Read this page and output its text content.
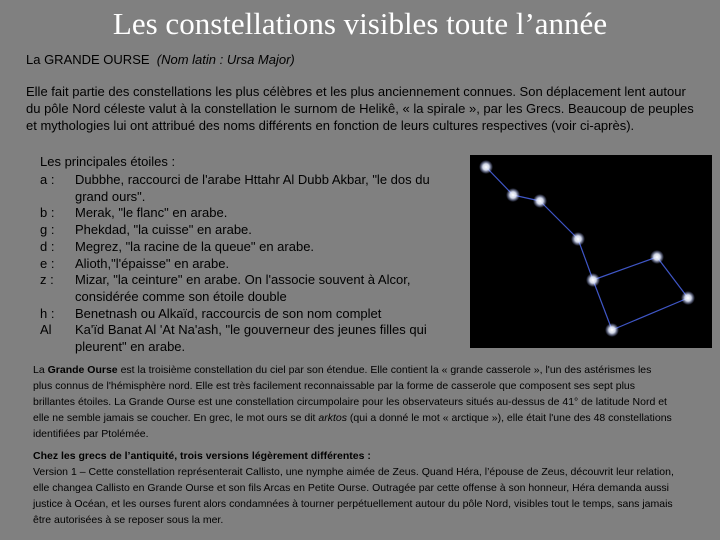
Les constellations visibles toute l’année
La GRANDE OURSE (Nom latin : Ursa Major)
Elle fait partie des constellations les plus célèbres et les plus anciennement connues. Son déplacement lent autour du pôle Nord céleste valut à la constellation le surnom de Helikê, « la spirale », par les Grecs. Beaucoup de peuples et mythologies lui ont attribué des noms différents en fonction de leurs cultures respectives (voir ci-après).
Les principales étoiles :
a :	Dubbhe, raccourci de l'arabe Httahr Al Dubb Akbar, "le dos du grand ours".
b :	Merak, "le flanc" en arabe.
g :	Phekdad, "la cuisse" en arabe.
d :	Megrez, "la racine de la queue" en arabe.
e :	Alioth,"l'épaisse" en arabe.
z :	Mizar, "la ceinture" en arabe. On l'associe souvent à Alcor, considérée comme son étoile double
h :	Benetnash ou Alkaïd, raccourcis de son nom complet
Al	Ka'ïd Banat Al 'At Na'ash, "le gouverneur des jeunes filles qui pleurent" en arabe.
La Grande Ourse est la troisième constellation du ciel par son étendue. Elle contient la « grande casserole », l'un des astérismes les plus connus de l'hémisphère nord. Elle est très facilement reconnaissable par la forme de casserole que composent ses sept plus brillantes étoiles. La Grande Ourse est une constellation circumpolaire pour les observateurs situés au-dessus de 41° de latitude Nord et elle ne semble jamais se coucher. En grec, le mot ours se dit arktos (qui a donné le mot « arctique »), elle était l'une des 48 constellations identifiées par Ptolémée.
Chez les grecs de l’antiquité, trois versions légèrement différentes :
Version 1 – Cette constellation représenterait Callisto, une nymphe aimée de Zeus. Quand Héra, l’épouse de Zeus, découvrit leur relation, elle changea Callisto en Grande Ourse et son fils Arcas en Petite Ourse. Outragée par cette offense à son honneur, Héra demanda aussi justice à Océan, et les ourses furent alors condamnées à tourner perpétuellement autour du pôle Nord, visibles tout le temps, sans jamais être autorisées à se reposer sous la mer.
